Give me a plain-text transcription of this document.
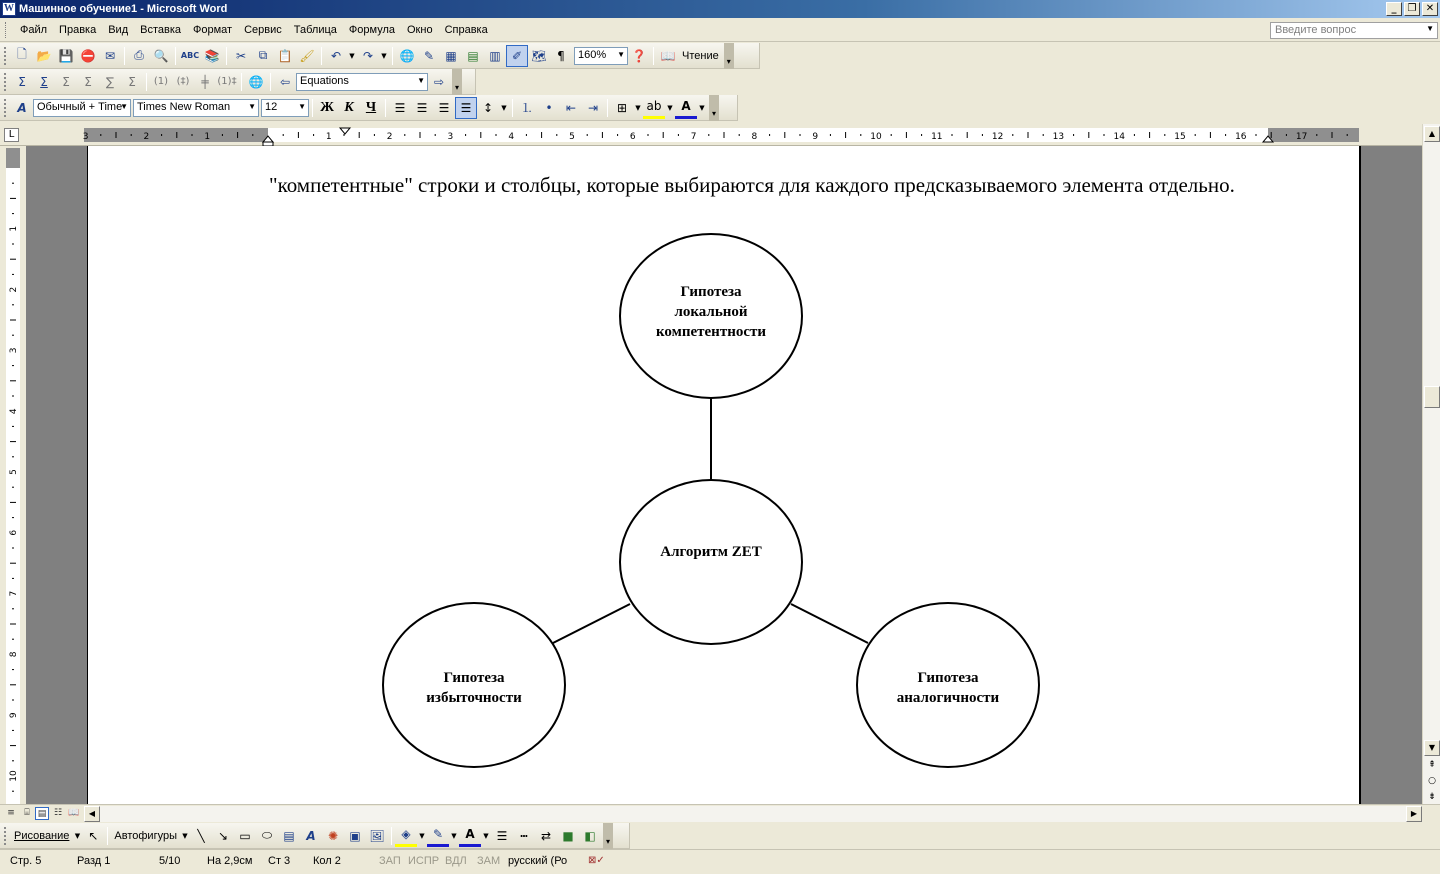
W Машинное обучение1 - Microsoft Word	_	❐ ✕
Файл	Правка	Вид	Вставка	Формат	Сервис	Таблица	Формула	Окно	Справка	Введите вопрос	▼
🗋 📂 💾 ⛔ ✉	⎙ 🔍	ABC 📚	✂	⧉ 📋 🖌	↶	▼ ↷	▼ 🌐 ✎ ▦ ▤ ▥ ✐ 🗺 ¶	160% ▼ ❓ 📖 Чтение ▾
Σ	Σ	Σ	Σ	∑	Σ	(1) (‡) ╪ (1)‡ 🌐	⇦ Equations	▼ ⇨	▾
A Обычный + Time
▼ Times New Roman ▼ 12	▼ Ж К Ч	☰ ☰ ☰ ☰ ↕	▼	⒈	•	⇤ ⇥	⊞	▼ ab ▼ A	▼
▾
L	3	2	1	1	2	3	4	5	6	7	8	9	10	11	12	13	14	15	16	17
1
2
3
4
5
6
7
8
9
10
"компетентные" строки и столбцы, которые выбираются для каждого предсказываемого элемента отдельно.
Гипотеза
локальной
компетентности
Алгоритм ZET
Гипотеза
избыточности
Гипотеза
аналогичности
▲
▼
⇞
○
⇟
≡	⌸ ▤ ☷ 📖	◀	▶
Рисование ▼ ↖	Автофигуры ▼ ╲	↘ ▭ ⬭ ▤ A	✺ ▣ 🖼	◈	▼ ✎	▼ A	▼ ☰	┅	⇄ ■ ◧	▾
Стр. 5	Разд 1	5/10 На 2,9см Ст 3 Кол 2	ЗАП ИСПР ВДЛ ЗАМ русский (Ро ⊠✓
